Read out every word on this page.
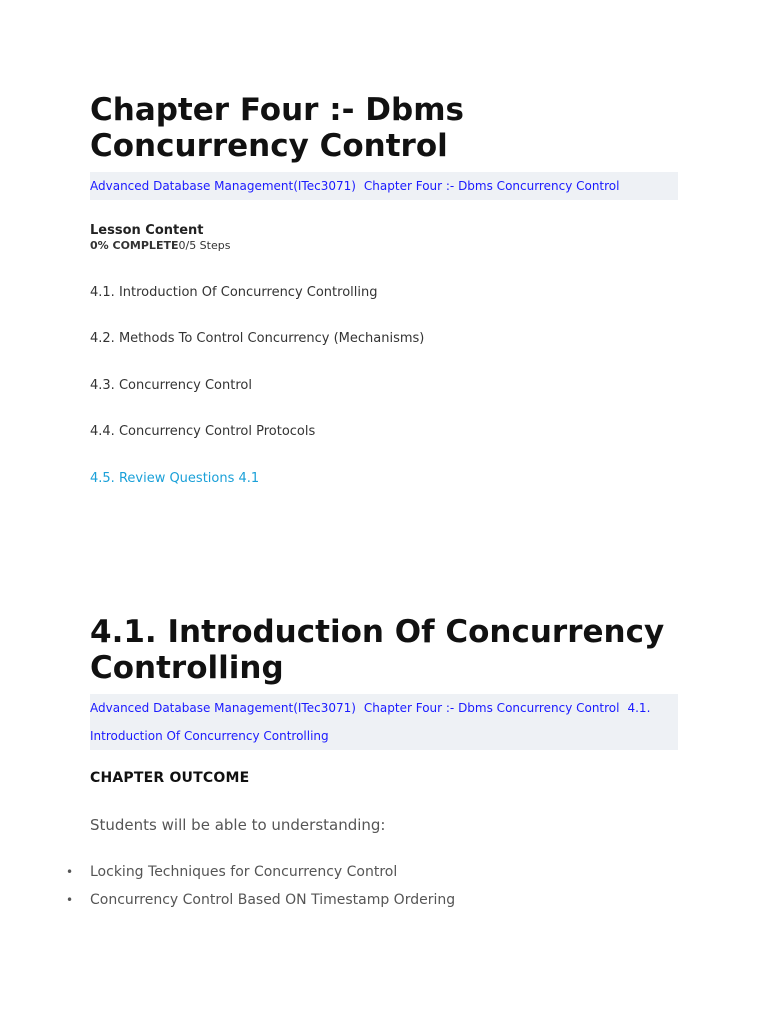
Chapter Four :- Dbms Concurrency Control
Advanced Database Management(ITec3071) Chapter Four :- Dbms Concurrency Control
Lesson Content
0% COMPLETE0/5 Steps
4.1. Introduction Of Concurrency Controlling
4.2. Methods To Control Concurrency (Mechanisms)
4.3. Concurrency Control
4.4. Concurrency Control Protocols
4.5. Review Questions 4.1
4.1. Introduction Of Concurrency Controlling
Advanced Database Management(ITec3071) Chapter Four :- Dbms Concurrency Control 4.1. Introduction Of Concurrency Controlling
CHAPTER OUTCOME
Students will be able to understanding:
• Locking Techniques for Concurrency Control
• Concurrency Control Based ON Timestamp Ordering
